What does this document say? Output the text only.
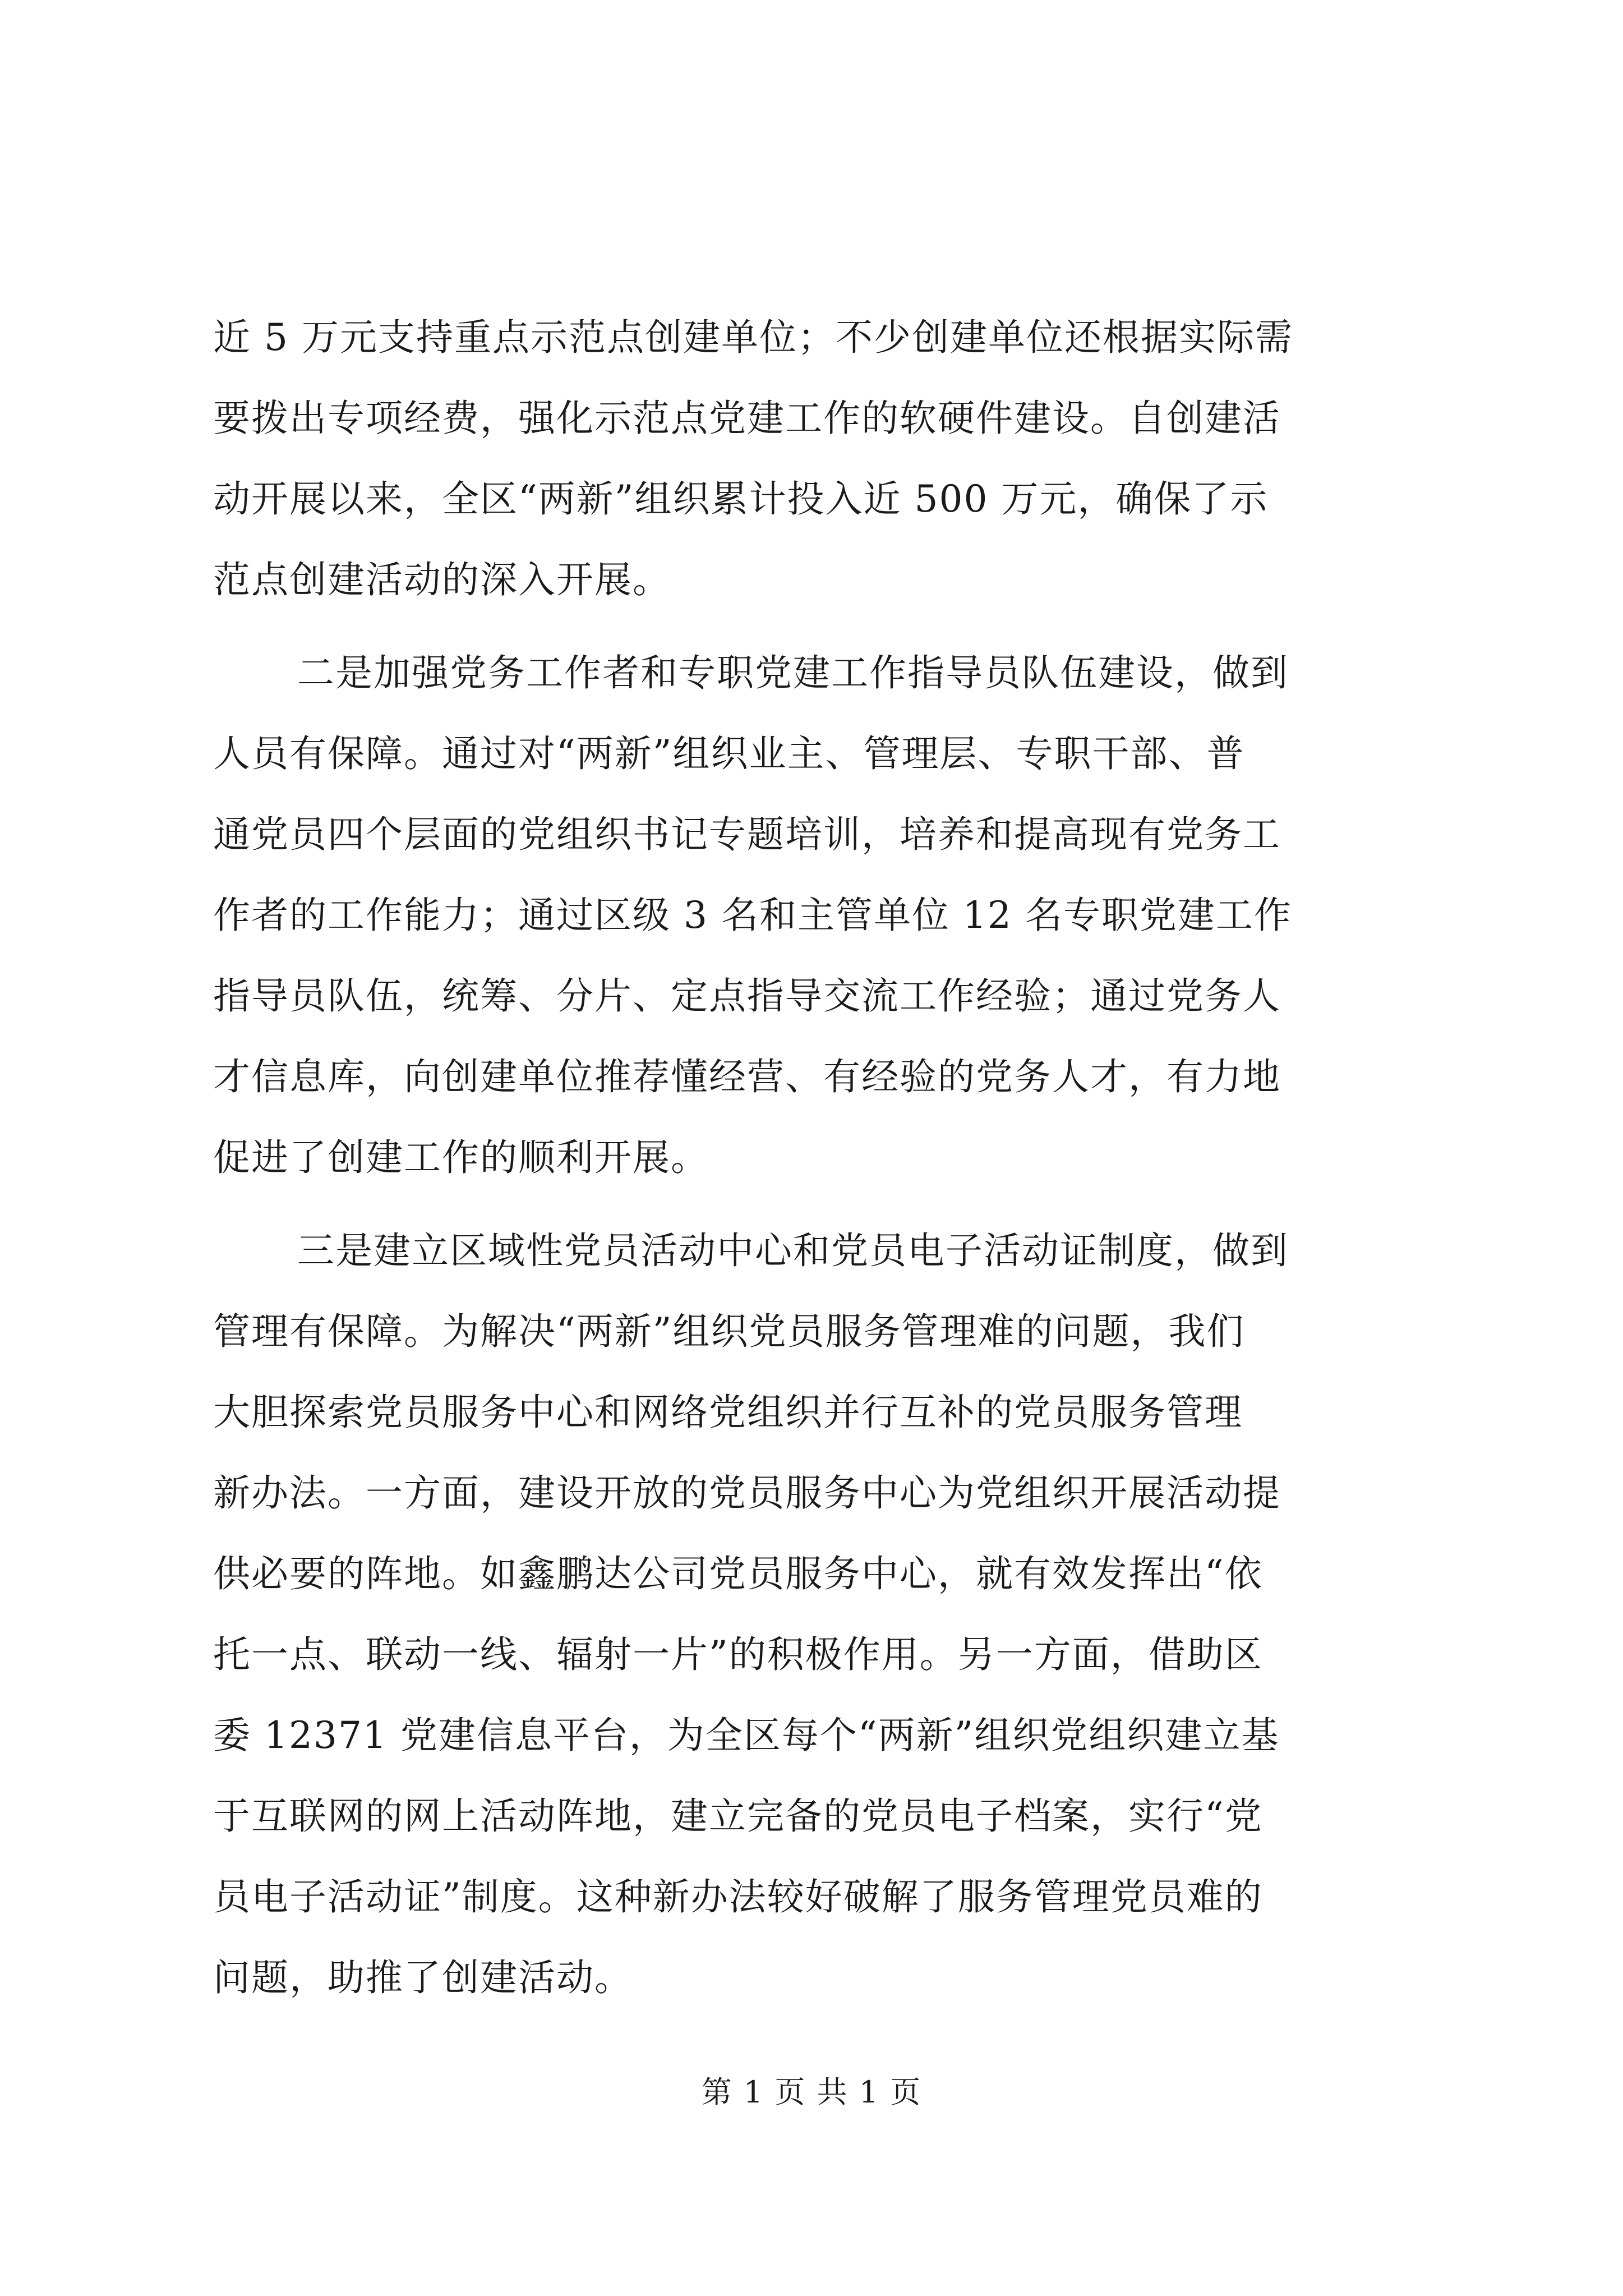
近 5 万元支持重点示范点创建单位；不少创建单位还根据实际需
要拨出专项经费，强化示范点党建工作的软硬件建设。自创建活
动开展以来，全区“两新”组织累计投入近 500 万元，确保了示
范点创建活动的深入开展。
二是加强党务工作者和专职党建工作指导员队伍建设，做到
人员有保障。通过对“两新”组织业主、管理层、专职干部、普
通党员四个层面的党组织书记专题培训，培养和提高现有党务工
作者的工作能力；通过区级 3 名和主管单位 12 名专职党建工作
指导员队伍，统筹、分片、定点指导交流工作经验；通过党务人
才信息库，向创建单位推荐懂经营、有经验的党务人才，有力地
促进了创建工作的顺利开展。
三是建立区域性党员活动中心和党员电子活动证制度，做到
管理有保障。为解决“两新”组织党员服务管理难的问题，我们
大胆探索党员服务中心和网络党组织并行互补的党员服务管理
新办法。一方面，建设开放的党员服务中心为党组织开展活动提
供必要的阵地。如鑫鹏达公司党员服务中心，就有效发挥出“依
托一点、联动一线、辐射一片”的积极作用。另一方面，借助区
委 12371 党建信息平台，为全区每个“两新”组织党组织建立基
于互联网的网上活动阵地，建立完备的党员电子档案，实行“党
员电子活动证”制度。这种新办法较好破解了服务管理党员难的
问题，助推了创建活动。
第 1 页 共 1 页
